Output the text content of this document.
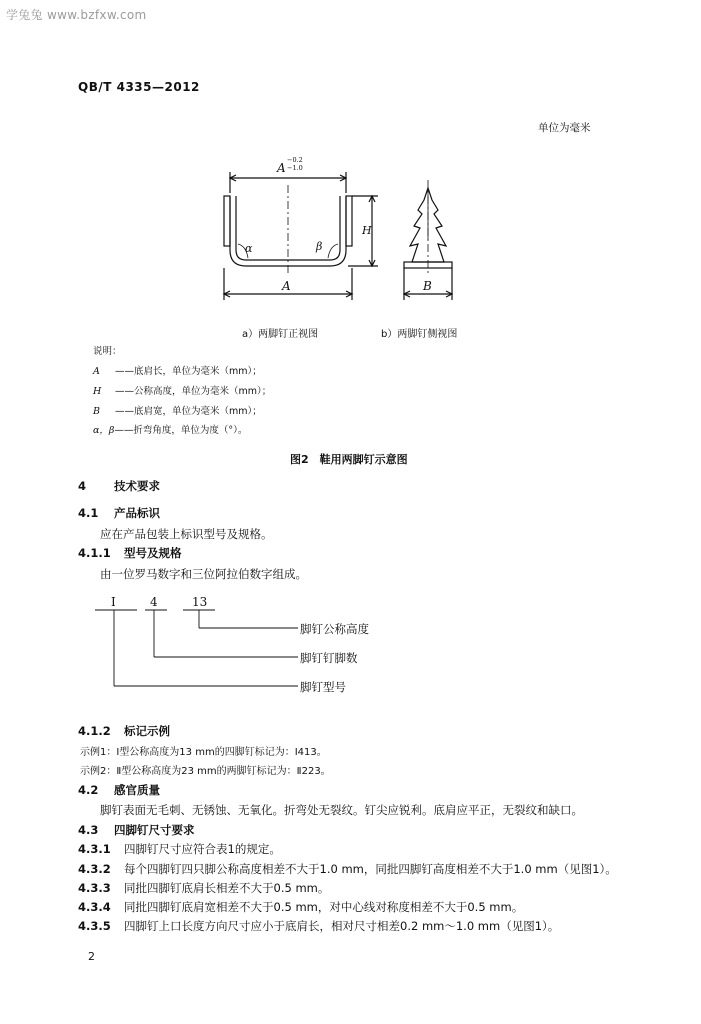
学兔兔 www.bzfxw.com
QB/T 4335—2012
单位为毫米
A
−0.2
−1.0
A
H
B
α	β
a）两脚钉正视图	b）两脚钉侧视图
说明：
A ——底肩长，单位为毫米（mm）；
H ——公称高度，单位为毫米（mm）；
B ——底肩宽，单位为毫米（mm）；
α，β——折弯角度，单位为度（°）。
图2　鞋用两脚钉示意图
4 技术要求
4.1 产品标识
应在产品包装上标识型号及规格。
4.1.1 型号及规格
由一位罗马数字和三位阿拉伯数字组成。
I	4	13
脚钉公称高度
脚钉钉脚数
脚钉型号
4.1.2 标记示例
示例1：I型公称高度为13 mm的四脚钉标记为：I413。
示例2：Ⅱ型公称高度为23 mm的两脚钉标记为：Ⅱ223。
4.2 感官质量
脚钉表面无毛刺、无锈蚀、无氧化。折弯处无裂纹。钉尖应锐利。底肩应平正，无裂纹和缺口。
4.3 四脚钉尺寸要求
4.3.1 四脚钉尺寸应符合表1的规定。
4.3.2 每个四脚钉四只脚公称高度相差不大于1.0 mm，同批四脚钉高度相差不大于1.0 mm（见图1）。
4.3.3 同批四脚钉底肩长相差不大于0.5 mm。
4.3.4 同批四脚钉底肩宽相差不大于0.5 mm，对中心线对称度相差不大于0.5 mm。
4.3.5 四脚钉上口长度方向尺寸应小于底肩长，相对尺寸相差0.2 mm～1.0 mm（见图1）。
2
